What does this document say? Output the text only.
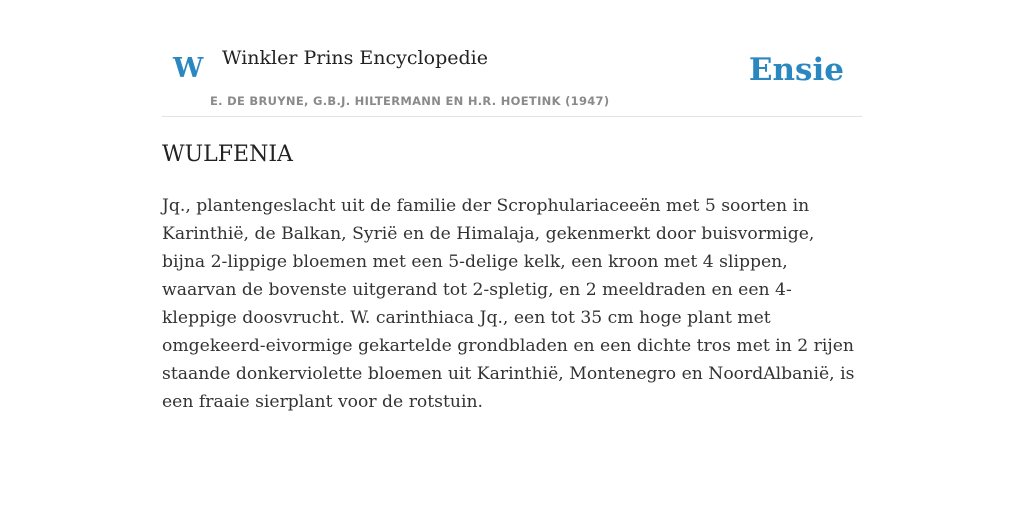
W Winkler Prins Encyclopedie
E. DE BRUYNE, G.B.J. HILTERMANN EN H.R. HOETINK (1947)
Ensie
WULFENIA

Jq., plantengeslacht uit de familie der Scrophulariaceeën met 5 soorten in Karinthië, de Balkan, Syrië en de Himalaja, gekenmerkt door buisvormige, bijna 2-lippige bloemen met een 5-delige kelk, een kroon met 4 slippen, waarvan de bovenste uitgerand tot 2-spletig, en 2 meeldraden en een 4-kleppige doosvrucht. W. carinthiaca Jq., een tot 35 cm hoge plant met omgekeerd-eivormige gekartelde grondbladen en een dichte tros met in 2 rijen staande donkerviolette bloemen uit Karinthië, Montenegro en NoordAlbanië, is een fraaie sierplant voor de rotstuin.
